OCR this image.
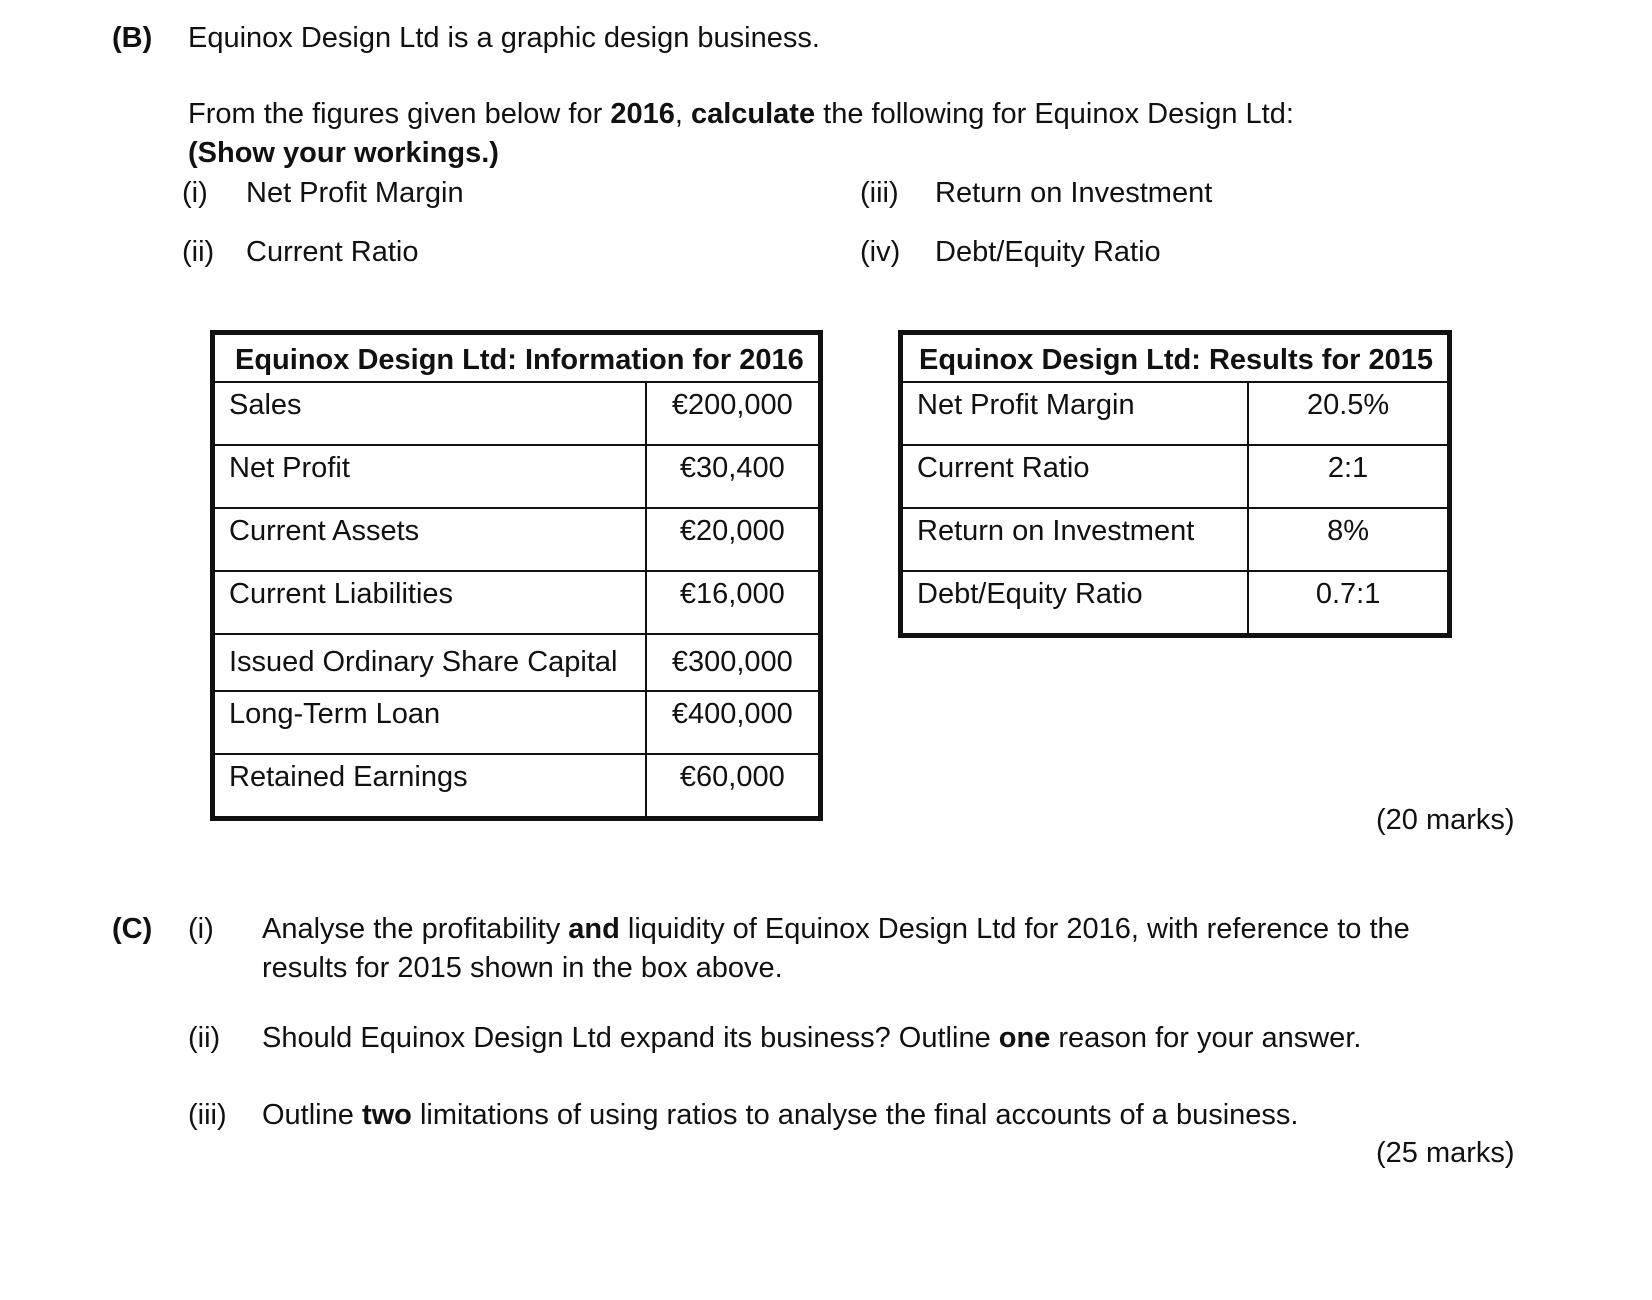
(B) Equinox Design Ltd is a graphic design business.
From the figures given below for 2016, calculate the following for Equinox Design Ltd:
(Show your workings.)
(i) Net Profit Margin
(ii) Current Ratio
(iii) Return on Investment
(iv) Debt/Equity Ratio
Equinox Design Ltd: Information for 2016	
Sales	€200,000
Net Profit	€30,400
Current Assets	€20,000
Current Liabilities	€16,000
Issued Ordinary Share Capital	€300,000
Long-Term Loan	€400,000
Retained Earnings	€60,000
Equinox Design Ltd: Results for 2015	
Net Profit Margin	20.5%
Current Ratio	2:1
Return on Investment	8%
Debt/Equity Ratio	0.7:1
(20 marks)
(C) (i) Analyse the profitability and liquidity of Equinox Design Ltd for 2016, with reference to the
results for 2015 shown in the box above.
(ii) Should Equinox Design Ltd expand its business? Outline one reason for your answer.
(iii) Outline two limitations of using ratios to analyse the final accounts of a business.
(25 marks)
